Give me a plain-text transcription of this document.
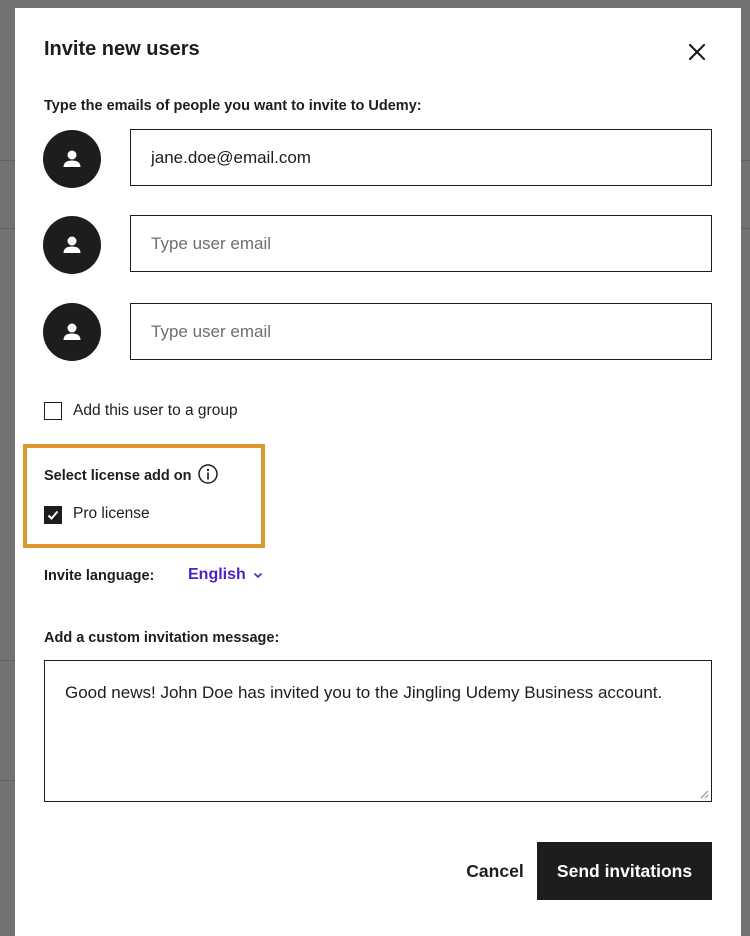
Invite new users
Type the emails of people you want to invite to Udemy:
jane.doe@email.com
Type user email
Type user email
Add this user to a group
Select license add on
Pro license
Invite language: English
Add a custom invitation message:
Good news! John Doe has invited you to the Jingling Udemy Business account.
Cancel	Send invitations
